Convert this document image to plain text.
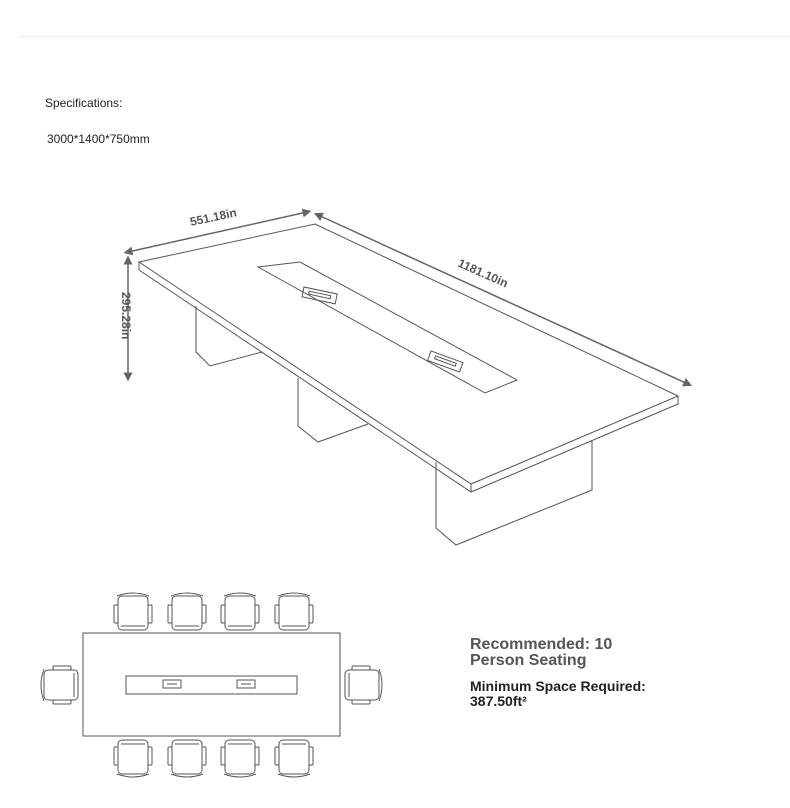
Specifications:
3000*1400*750mm
551.18in
1181.10in
295.28in
Recommended: 10
Person Seating
Minimum Space Required:
387.50ft²
